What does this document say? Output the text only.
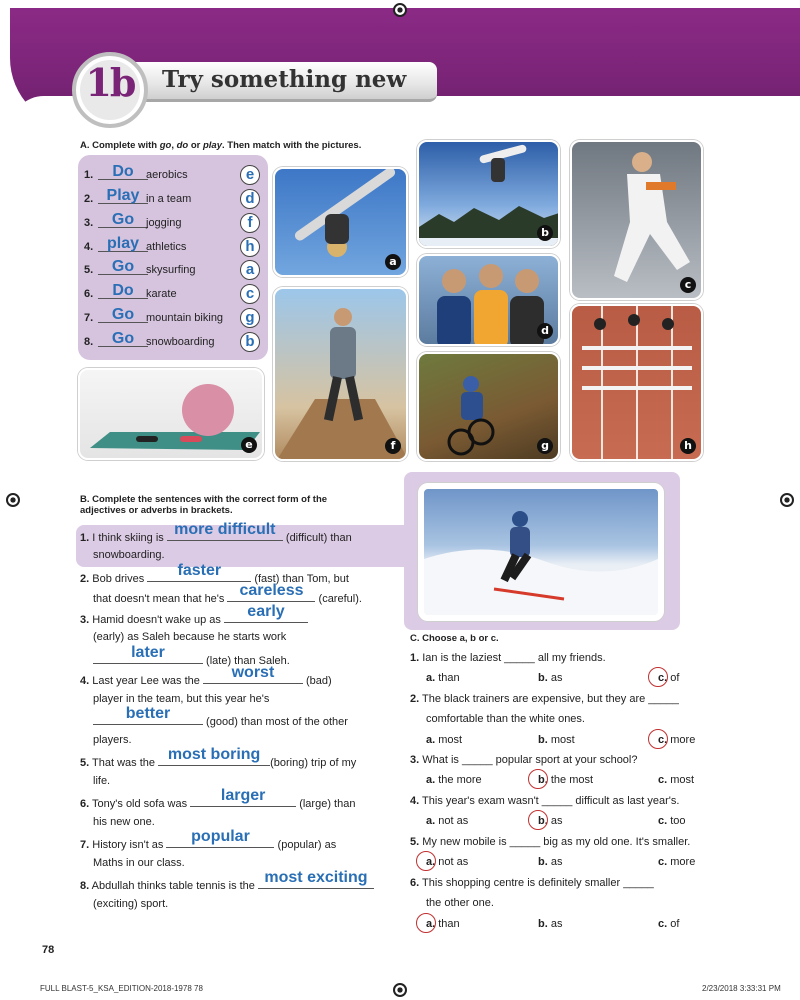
1b	Try something new
A. Complete with go, do or play. Then match with the pictures.
1.	Do	aerobics	e
2. Play in a team	d
3.	Go	jogging	f
4. play athletics	h
5.	Go	skysurfing	a
6.	Do	karate	c
7.	Go	mountain biking	g
8.	Go	snowboarding	b
a
b
c
d
e	f	g	h
B. Complete the sentences with the correct form of the
adjectives or adverbs in brackets.
1. I think skiing is more difficult (difficult) than
snowboarding.
2. Bob drives	faster	(fast) than Tom, but
that doesn't mean that he's careless	(careful).
3. Hamid doesn't wake up as	early
(early) as Saleh because he starts work
later	(late) than Saleh.
4. Last year Lee was the	worst	(bad)
player in the team, but this year he's
better	(good) than most of the other
players.
5. That was the most boring (boring) trip of my
life.
6. Tony's old sofa was	larger	(large) than
his new one.
7. History isn't as	popular	(popular) as
Maths in our class.
8. Abdullah thinks table tennis is the most exciting
(exciting) sport.
C. Choose a, b or c.
1. Ian is the laziest _____ all my friends.
a. than	b. as	c. of
2. The black trainers are expensive, but they are _____
comfortable than the white ones.
a. most	b. most	c. more
3. What is _____ popular sport at your school?
a. the more	b. the most	c. most
4. This year's exam wasn't _____ difficult as last year's.
a. not as	b. as	c. too
5. My new mobile is _____ big as my old one. It's smaller.
a. not as	b. as	c. more
6. This shopping centre is definitely smaller _____
the other one.
a. than	b. as	c. of
78
FULL BLAST-5_KSA_EDITION-2018-1978 78	2/23/2018 3:33:31 PM
